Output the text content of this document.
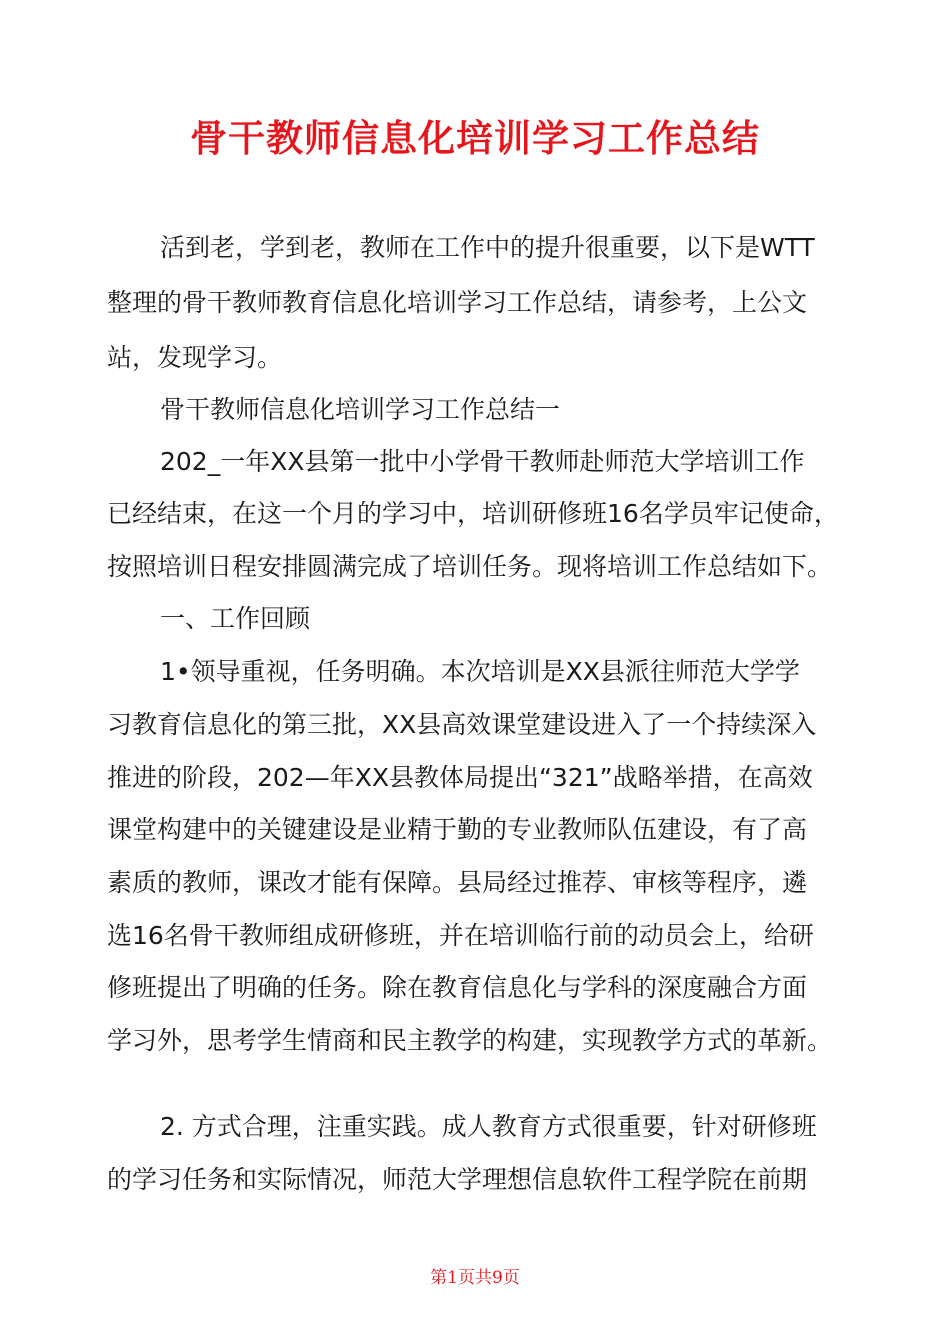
骨干教师信息化培训学习工作总结
活到老，学到老，教师在工作中的提升很重要，以下是WTT
整理的骨干教师教育信息化培训学习工作总结，请参考，上公文
站，发现学习。
骨干教师信息化培训学习工作总结一
202_一年XX县第一批中小学骨干教师赴师范大学培训工作
已经结束，在这一个月的学习中，培训研修班16名学员牢记使命，
按照培训日程安排圆满完成了培训任务。现将培训工作总结如下。
一、工作回顾
1•领导重视，任务明确。本次培训是XX县派往师范大学学
习教育信息化的第三批，XX县高效课堂建设进入了一个持续深入
推进的阶段，202—年XX县教体局提出“321”战略举措，在高效
课堂构建中的关键建设是业精于勤的专业教师队伍建设，有了高
素质的教师，课改才能有保障。县局经过推荐、审核等程序，遴
选16名骨干教师组成研修班，并在培训临行前的动员会上，给研
修班提出了明确的任务。除在教育信息化与学科的深度融合方面
学习外，思考学生情商和民主教学的构建，实现教学方式的革新。
2. 方式合理，注重实践。成人教育方式很重要，针对研修班
的学习任务和实际情况，师范大学理想信息软件工程学院在前期
第1页共9页
